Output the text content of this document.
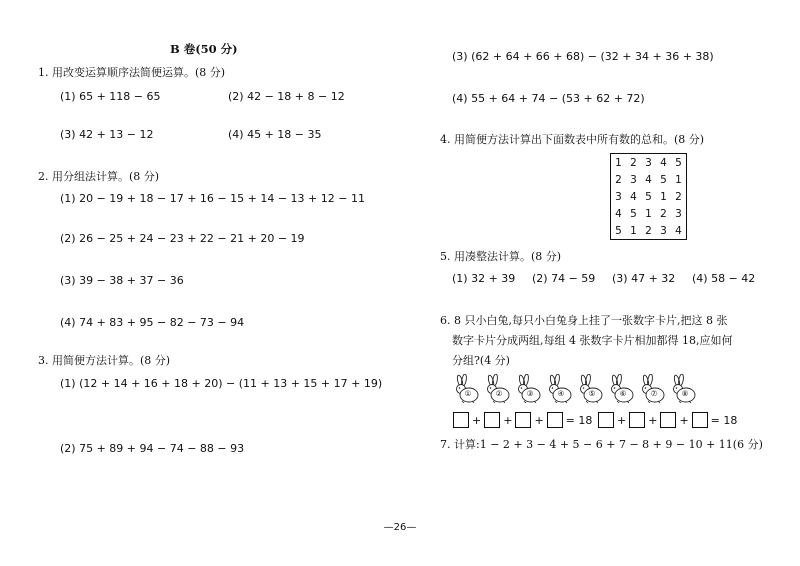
B 卷(50 分)
1. 用改变运算顺序法简便运算。(8 分)
(1) 65 + 118 − 65	(2) 42 − 18 + 8 − 12
(3) 42 + 13 − 12	(4) 45 + 18 − 35
2. 用分组法计算。(8 分)
(1) 20 − 19 + 18 − 17 + 16 − 15 + 14 − 13 + 12 − 11
(2) 26 − 25 + 24 − 23 + 22 − 21 + 20 − 19
(3) 39 − 38 + 37 − 36
(4) 74 + 83 + 95 − 82 − 73 − 94
3. 用简便方法计算。(8 分)
(1) (12 + 14 + 16 + 18 + 20) − (11 + 13 + 15 + 17 + 19)
(2) 75 + 89 + 94 − 74 − 88 − 93
(3) (62 + 64 + 66 + 68) − (32 + 34 + 36 + 38)
(4) 55 + 64 + 74 − (53 + 62 + 72)
4. 用简便方法计算出下面数表中所有数的总和。(8 分)
1	2	3	4	5
2	3	4	5	1
3	4	5	1	2
4	5	1	2	3
5	1	2	3	4
5. 用凑整法计算。(8 分)
(1) 32 + 39 (2) 74 − 59 (3) 47 + 32 (4) 58 − 42
6. 8 只小白兔,每只小白兔身上挂了一张数字卡片,把这 8 张
数字卡片分成两组,每组 4 张数字卡片相加都得 18,应如何
分组?(4 分)
①	②	③	④	⑤	⑥	⑦	⑧
+ + + = 18 + + + = 18
7. 计算:1 − 2 + 3 − 4 + 5 − 6 + 7 − 8 + 9 − 10 + 11(6 分)
—26—
